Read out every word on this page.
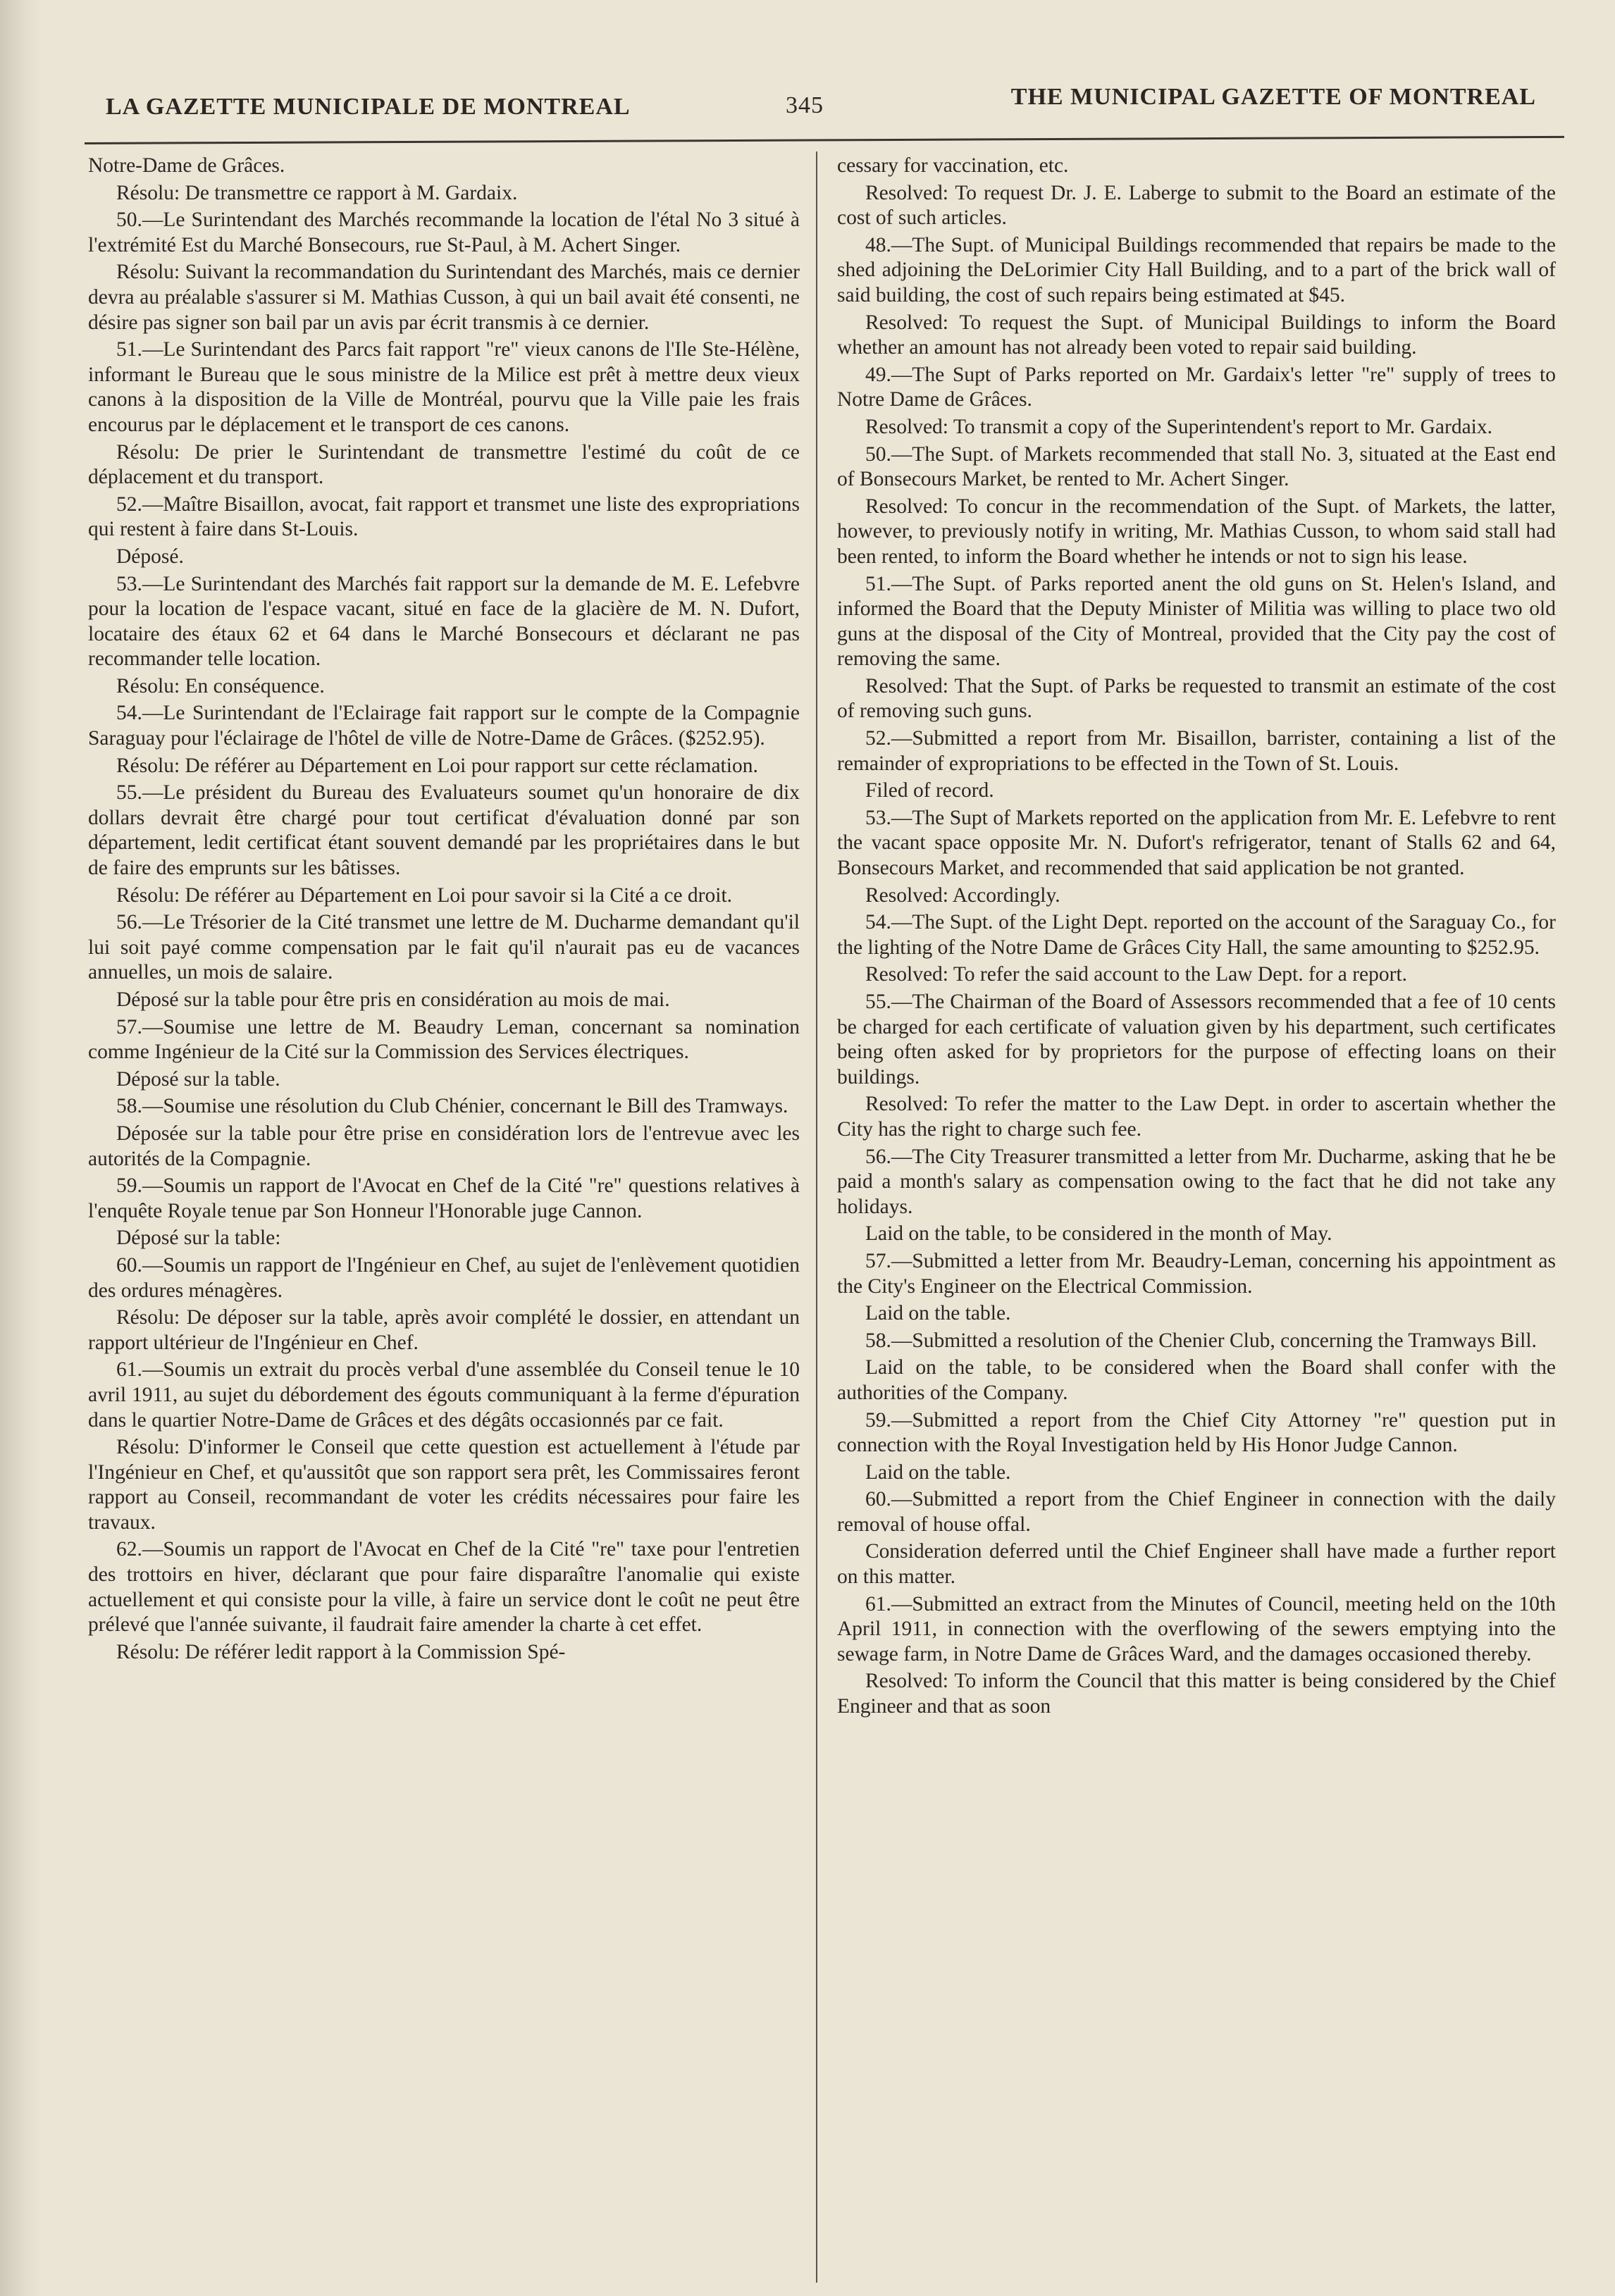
LA GAZETTE MUNICIPALE DE MONTREAL	345	THE MUNICIPAL GAZETTE OF MONTREAL

Notre-Dame de Grâces.

Résolu: De transmettre ce rapport à M. Gardaix.

50.—Le Surintendant des Marchés recommande la location de l'étal No 3 situé à l'extrémité Est du Marché Bonsecours, rue St-Paul, à M. Achert Singer.

Résolu: Suivant la recommandation du Surintendant des Marchés, mais ce dernier devra au préalable s'assurer si M. Mathias Cusson, à qui un bail avait été consenti, ne désire pas signer son bail par un avis par écrit transmis à ce dernier.

51.—Le Surintendant des Parcs fait rapport "re" vieux canons de l'Ile Ste-Hélène, informant le Bureau que le sous ministre de la Milice est prêt à mettre deux vieux canons à la disposition de la Ville de Montréal, pourvu que la Ville paie les frais encourus par le déplacement et le transport de ces canons.

Résolu: De prier le Surintendant de transmettre l'estimé du coût de ce déplacement et du transport.

52.—Maître Bisaillon, avocat, fait rapport et transmet une liste des expropriations qui restent à faire dans St-Louis.

Déposé.

53.—Le Surintendant des Marchés fait rapport sur la demande de M. E. Lefebvre pour la location de l'espace vacant, situé en face de la glacière de M. N. Dufort, locataire des étaux 62 et 64 dans le Marché Bonsecours et déclarant ne pas recommander telle location.

Résolu: En conséquence.

54.—Le Surintendant de l'Eclairage fait rapport sur le compte de la Compagnie Saraguay pour l'éclairage de l'hôtel de ville de Notre-Dame de Grâces. ($252.95).

Résolu: De référer au Département en Loi pour rapport sur cette réclamation.

55.—Le président du Bureau des Evaluateurs soumet qu'un honoraire de dix dollars devrait être chargé pour tout certificat d'évaluation donné par son département, ledit certificat étant souvent demandé par les propriétaires dans le but de faire des emprunts sur les bâtisses.

Résolu: De référer au Département en Loi pour savoir si la Cité a ce droit.

56.—Le Trésorier de la Cité transmet une lettre de M. Ducharme demandant qu'il lui soit payé comme compensation par le fait qu'il n'aurait pas eu de vacances annuelles, un mois de salaire.

Déposé sur la table pour être pris en considération au mois de mai.

57.—Soumise une lettre de M. Beaudry Leman, concernant sa nomination comme Ingénieur de la Cité sur la Commission des Services électriques.

Déposé sur la table.

58.—Soumise une résolution du Club Chénier, concernant le Bill des Tramways.

Déposée sur la table pour être prise en considération lors de l'entrevue avec les autorités de la Compagnie.

59.—Soumis un rapport de l'Avocat en Chef de la Cité "re" questions relatives à l'enquête Royale tenue par Son Honneur l'Honorable juge Cannon.

Déposé sur la table:

60.—Soumis un rapport de l'Ingénieur en Chef, au sujet de l'enlèvement quotidien des ordures ménagères.

Résolu: De déposer sur la table, après avoir complété le dossier, en attendant un rapport ultérieur de l'Ingénieur en Chef.

61.—Soumis un extrait du procès verbal d'une assemblée du Conseil tenue le 10 avril 1911, au sujet du débordement des égouts communiquant à la ferme d'épuration dans le quartier Notre-Dame de Grâces et des dégâts occasionnés par ce fait.

Résolu: D'informer le Conseil que cette question est actuellement à l'étude par l'Ingénieur en Chef, et qu'aussitôt que son rapport sera prêt, les Commissaires feront rapport au Conseil, recommandant de voter les crédits nécessaires pour faire les travaux.

62.—Soumis un rapport de l'Avocat en Chef de la Cité "re" taxe pour l'entretien des trottoirs en hiver, déclarant que pour faire disparaître l'anomalie qui existe actuellement et qui consiste pour la ville, à faire un service dont le coût ne peut être prélevé que l'année suivante, il faudrait faire amender la charte à cet effet.

Résolu: De référer ledit rapport à la Commission Spé-

cessary for vaccination, etc.

Resolved: To request Dr. J. E. Laberge to submit to the Board an estimate of the cost of such articles.

48.—The Supt. of Municipal Buildings recommended that repairs be made to the shed adjoining the DeLorimier City Hall Building, and to a part of the brick wall of said building, the cost of such repairs being estimated at $45.

Resolved: To request the Supt. of Municipal Buildings to inform the Board whether an amount has not already been voted to repair said building.

49.—The Supt of Parks reported on Mr. Gardaix's letter "re" supply of trees to Notre Dame de Grâces.

Resolved: To transmit a copy of the Superintendent's report to Mr. Gardaix.

50.—The Supt. of Markets recommended that stall No. 3, situated at the East end of Bonsecours Market, be rented to Mr. Achert Singer.

Resolved: To concur in the recommendation of the Supt. of Markets, the latter, however, to previously notify in writing, Mr. Mathias Cusson, to whom said stall had been rented, to inform the Board whether he intends or not to sign his lease.

51.—The Supt. of Parks reported anent the old guns on St. Helen's Island, and informed the Board that the Deputy Minister of Militia was willing to place two old guns at the disposal of the City of Montreal, provided that the City pay the cost of removing the same.

Resolved: That the Supt. of Parks be requested to transmit an estimate of the cost of removing such guns.

52.—Submitted a report from Mr. Bisaillon, barrister, containing a list of the remainder of expropriations to be effected in the Town of St. Louis.

Filed of record.

53.—The Supt of Markets reported on the application from Mr. E. Lefebvre to rent the vacant space opposite Mr. N. Dufort's refrigerator, tenant of Stalls 62 and 64, Bonsecours Market, and recommended that said application be not granted.

Resolved: Accordingly.

54.—The Supt. of the Light Dept. reported on the account of the Saraguay Co., for the lighting of the Notre Dame de Grâces City Hall, the same amounting to $252.95.

Resolved: To refer the said account to the Law Dept. for a report.

55.—The Chairman of the Board of Assessors recommended that a fee of 10 cents be charged for each certificate of valuation given by his department, such certificates being often asked for by proprietors for the purpose of effecting loans on their buildings.

Resolved: To refer the matter to the Law Dept. in order to ascertain whether the City has the right to charge such fee.

56.—The City Treasurer transmitted a letter from Mr. Ducharme, asking that he be paid a month's salary as compensation owing to the fact that he did not take any holidays.

Laid on the table, to be considered in the month of May.

57.—Submitted a letter from Mr. Beaudry-Leman, concerning his appointment as the City's Engineer on the Electrical Commission.

Laid on the table.

58.—Submitted a resolution of the Chenier Club, concerning the Tramways Bill.

Laid on the table, to be considered when the Board shall confer with the authorities of the Company.

59.—Submitted a report from the Chief City Attorney "re" question put in connection with the Royal Investigation held by His Honor Judge Cannon.

Laid on the table.

60.—Submitted a report from the Chief Engineer in connection with the daily removal of house offal.

Consideration deferred until the Chief Engineer shall have made a further report on this matter.

61.—Submitted an extract from the Minutes of Council, meeting held on the 10th April 1911, in connection with the overflowing of the sewers emptying into the sewage farm, in Notre Dame de Grâces Ward, and the damages occasioned thereby.

Resolved: To inform the Council that this matter is being considered by the Chief Engineer and that as soon
